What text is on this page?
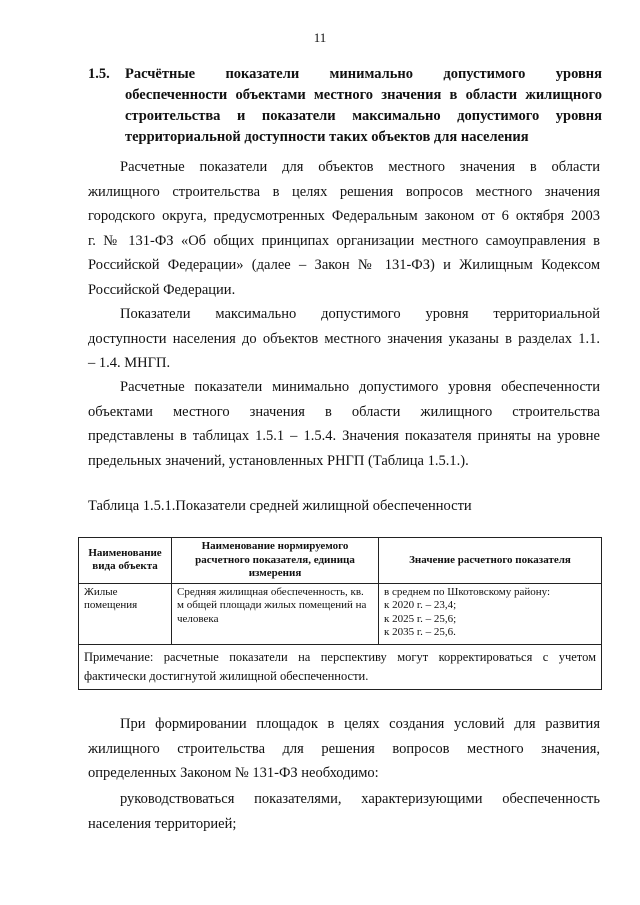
11
1.5. Расчётные показатели минимально допустимого уровня
обеспеченности объектами местного значения в области жилищного
строительства и показатели максимально допустимого уровня
территориальной доступности таких объектов для населения

Расчетные показатели для объектов местного значения в области
жилищного строительства в целях решения вопросов местного значения
городского округа, предусмотренных Федеральным законом от 6 октября 2003
г. № 131-ФЗ «Об общих принципах организации местного самоуправления в
Российской Федерации» (далее – Закон № 131-ФЗ) и Жилищным Кодексом
Российской Федерации.

Показатели максимально допустимого уровня территориальной
доступности населения до объектов местного значения указаны в разделах 1.1.
– 1.4. МНГП.

Расчетные показатели минимально допустимого уровня обеспеченности
объектами местного значения в области жилищного строительства
представлены в таблицах 1.5.1 – 1.5.4. Значения показателя приняты на уровне
предельных значений, установленных РНГП (Таблица 1.5.1.).

Таблица 1.5.1.Показатели средней жилищной обеспеченности
Наименование вида объекта	Наименование нормируемого расчетного показателя, единица измерения	Значение расчетного показателя
Жилые помещения	Средняя жилищная обеспеченность, кв. м общей площади жилых помещений на человека	в среднем по Шкотовскому району:
к 2020 г. – 23,4;
к 2025 г. – 25,6;
к 2035 г. – 25,6.

Примечание: расчетные показатели на перспективу могут корректироваться с учетом фактически достигнутой жилищной обеспеченности.		

При формировании площадок в целях создания условий для развития
жилищного строительства для решения вопросов местного значения,
определенных Законом № 131-ФЗ необходимо:

руководствоваться показателями, характеризующими обеспеченность
населения территорией;
